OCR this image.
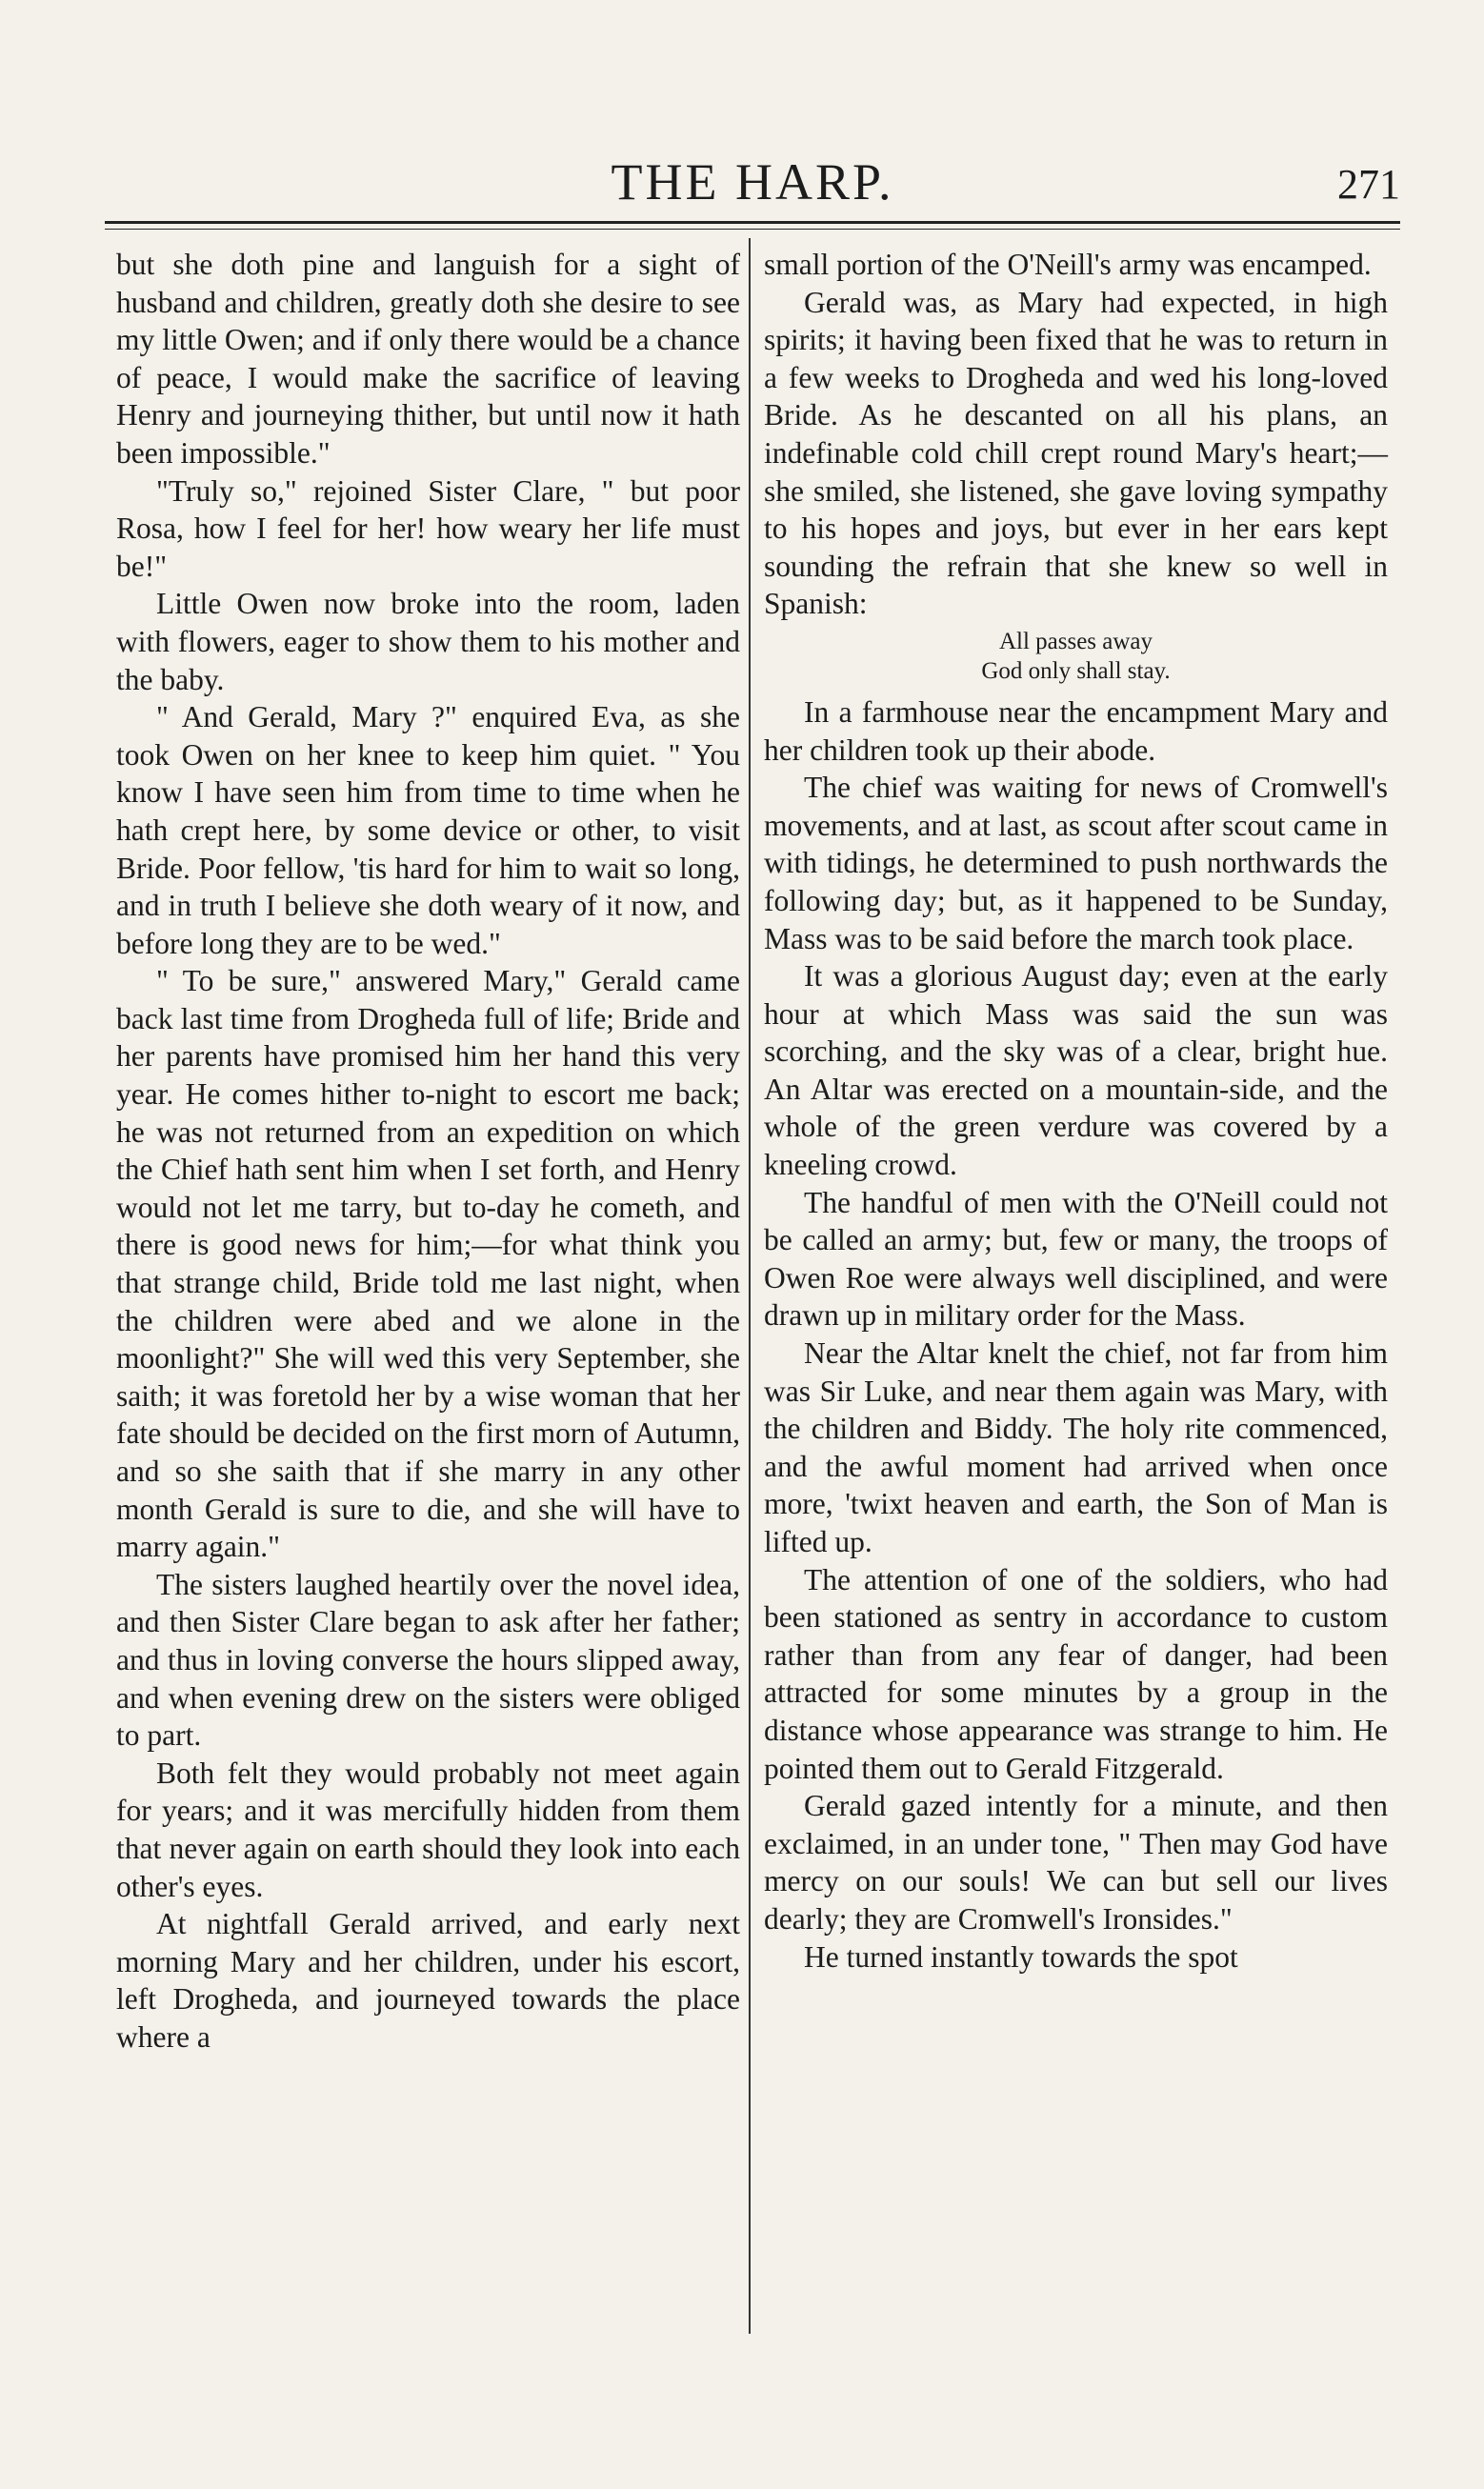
THE HARP.	271

but she doth pine and languish for a sight of husband and children, greatly doth she desire to see my little Owen; and if only there would be a chance of peace, I would make the sacrifice of leaving Henry and journeying thither, but until now it hath been impossible."

"Truly so," rejoined Sister Clare, " but poor Rosa, how I feel for her! how weary her life must be!"

Little Owen now broke into the room, laden with flowers, eager to show them to his mother and the baby.

" And Gerald, Mary ?" enquired Eva, as she took Owen on her knee to keep him quiet. " You know I have seen him from time to time when he hath crept here, by some device or other, to visit Bride. Poor fellow, 'tis hard for him to wait so long, and in truth I believe she doth weary of it now, and before long they are to be wed."

" To be sure," answered Mary," Gerald came back last time from Drogheda full of life; Bride and her parents have promised him her hand this very year. He comes hither to-night to escort me back; he was not returned from an expedition on which the Chief hath sent him when I set forth, and Henry would not let me tarry, but to-day he cometh, and there is good news for him;—for what think you that strange child, Bride told me last night, when the children were abed and we alone in the moonlight?" She will wed this very September, she saith; it was foretold her by a wise woman that her fate should be decided on the first morn of Autumn, and so she saith that if she marry in any other month Gerald is sure to die, and she will have to marry again."

The sisters laughed heartily over the novel idea, and then Sister Clare began to ask after her father; and thus in loving converse the hours slipped away, and when evening drew on the sisters were obliged to part.

Both felt they would probably not meet again for years; and it was mercifully hidden from them that never again on earth should they look into each other's eyes.

At nightfall Gerald arrived, and early next morning Mary and her children, under his escort, left Drogheda, and journeyed towards the place where a

small portion of the O'Neill's army was encamped.

Gerald was, as Mary had expected, in high spirits; it having been fixed that he was to return in a few weeks to Drogheda and wed his long-loved Bride. As he descanted on all his plans, an indefinable cold chill crept round Mary's heart;—she smiled, she listened, she gave loving sympathy to his hopes and joys, but ever in her ears kept sounding the refrain that she knew so well in Spanish:

All passes away
God only shall stay.

In a farmhouse near the encampment Mary and her children took up their abode.

The chief was waiting for news of Cromwell's movements, and at last, as scout after scout came in with tidings, he determined to push northwards the following day; but, as it happened to be Sunday, Mass was to be said before the march took place.

It was a glorious August day; even at the early hour at which Mass was said the sun was scorching, and the sky was of a clear, bright hue. An Altar was erected on a mountain-side, and the whole of the green verdure was covered by a kneeling crowd.

The handful of men with the O'Neill could not be called an army; but, few or many, the troops of Owen Roe were always well disciplined, and were drawn up in military order for the Mass.

Near the Altar knelt the chief, not far from him was Sir Luke, and near them again was Mary, with the children and Biddy. The holy rite commenced, and the awful moment had arrived when once more, 'twixt heaven and earth, the Son of Man is lifted up.

The attention of one of the soldiers, who had been stationed as sentry in accordance to custom rather than from any fear of danger, had been attracted for some minutes by a group in the distance whose appearance was strange to him. He pointed them out to Gerald Fitzgerald.

Gerald gazed intently for a minute, and then exclaimed, in an under tone, " Then may God have mercy on our souls! We can but sell our lives dearly; they are Cromwell's Ironsides."

He turned instantly towards the spot
